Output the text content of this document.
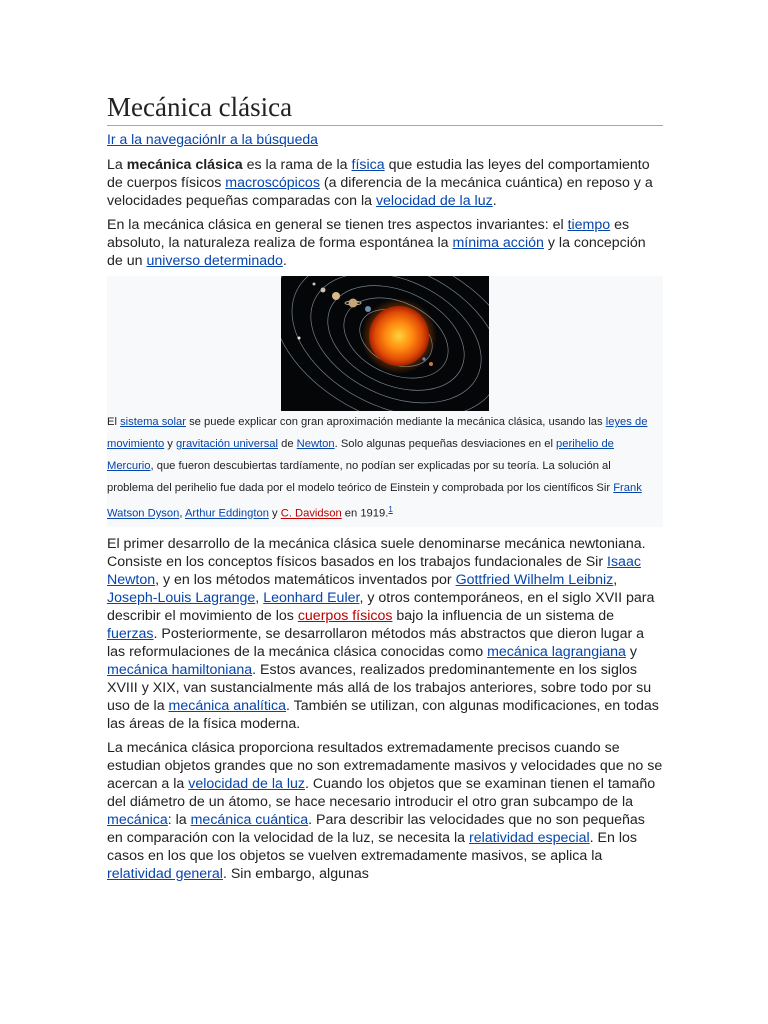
Mecánica clásica
Ir a la navegaciónIr a la búsqueda

La mecánica clásica es la rama de la física que estudia las leyes del comportamiento de cuerpos físicos macroscópicos (a diferencia de la mecánica cuántica) en reposo y a velocidades pequeñas comparadas con la velocidad de la luz.

En la mecánica clásica en general se tienen tres aspectos invariantes: el tiempo es absoluto, la naturaleza realiza de forma espontánea la mínima acción y la concepción de un universo determinado.

El sistema solar se puede explicar con gran aproximación mediante la mecánica clásica, usando las leyes de movimiento y gravitación universal de Newton. Solo algunas pequeñas desviaciones en el perihelio de Mercurio, que fueron descubiertas tardíamente, no podían ser explicadas por su teoría. La solución al problema del perihelio fue dada por el modelo teórico de Einstein y comprobada por los científicos Sir Frank Watson Dyson, Arthur Eddington y C. Davidson en 1919.$^1$

El primer desarrollo de la mecánica clásica suele denominarse mecánica newtoniana. Consiste en los conceptos físicos basados en los trabajos fundacionales de Sir Isaac Newton, y en los métodos matemáticos inventados por Gottfried Wilhelm Leibniz, Joseph-Louis Lagrange, Leonhard Euler, y otros contemporáneos, en el siglo XVII para describir el movimiento de los cuerpos físicos bajo la influencia de un sistema de fuerzas. Posteriormente, se desarrollaron métodos más abstractos que dieron lugar a las reformulaciones de la mecánica clásica conocidas como mecánica lagrangiana y mecánica hamiltoniana. Estos avances, realizados predominantemente en los siglos XVIII y XIX, van sustancialmente más allá de los trabajos anteriores, sobre todo por su uso de la mecánica analítica. También se utilizan, con algunas modificaciones, en todas las áreas de la física moderna.

La mecánica clásica proporciona resultados extremadamente precisos cuando se estudian objetos grandes que no son extremadamente masivos y velocidades que no se acercan a la velocidad de la luz. Cuando los objetos que se examinan tienen el tamaño del diámetro de un átomo, se hace necesario introducir el otro gran subcampo de la mecánica: la mecánica cuántica. Para describir las velocidades que no son pequeñas en comparación con la velocidad de la luz, se necesita la relatividad especial. En los casos en los que los objetos se vuelven extremadamente masivos, se aplica la relatividad general. Sin embargo, algunas
